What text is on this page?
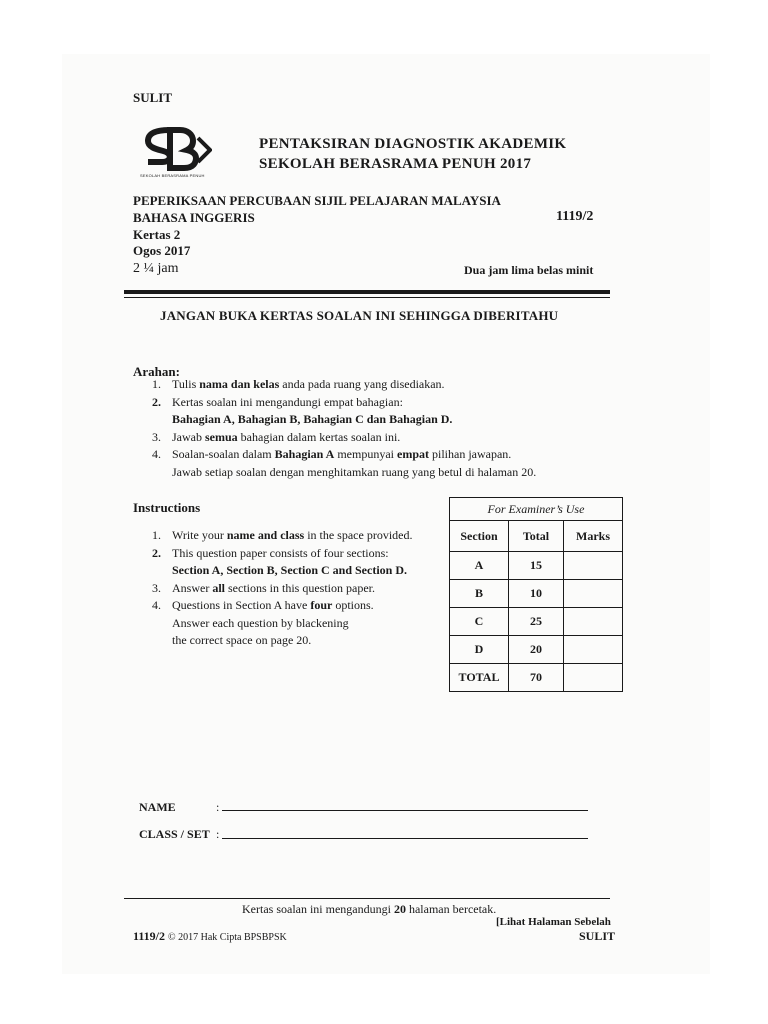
SULIT
SEKOLAH BERASRAMA PENUH
PENTAKSIRAN DIAGNOSTIK AKADEMIK
SEKOLAH BERASRAMA PENUH 2017
PEPERIKSAAN PERCUBAAN SIJIL PELAJARAN MALAYSIA
BAHASA INGGERIS	1119/2
Kertas 2
Ogos 2017
2 ¼ jam	Dua jam lima belas minit
JANGAN BUKA KERTAS SOALAN INI SEHINGGA DIBERITAHU
Arahan:
1. Tulis nama dan kelas anda pada ruang yang disediakan.
2. Kertas soalan ini mengandungi empat bahagian:
Bahagian A, Bahagian B, Bahagian C dan Bahagian D.
3. Jawab semua bahagian dalam kertas soalan ini.
4. Soalan-soalan dalam Bahagian A mempunyai empat pilihan jawapan.
Jawab setiap soalan dengan menghitamkan ruang yang betul di halaman 20.
Instructions
1. Write your name and class in the space provided.
2. This question paper consists of four sections:
Section A, Section B, Section C and Section D.
3. Answer all sections in this question paper.
4. Questions in Section A have four options.
Answer each question by blackening
the correct space on page 20.
For Examiner’s Use		
Section	Total	Marks
A	15	
B	10	
C	25	
D	20	
TOTAL	70	
NAME	:
CLASS / SET :
Kertas soalan ini mengandungi 20 halaman bercetak.
[Lihat Halaman Sebelah
1119/2 © 2017 Hak Cipta BPSBPSK	SULIT
